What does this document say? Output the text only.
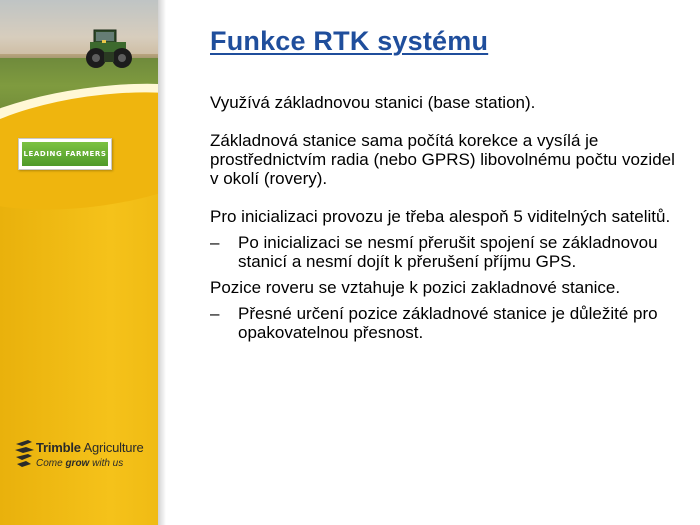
LEADING FARMERS
Trimble Agriculture
Come grow with us
Funkce RTK systému

Využívá základnovou stanici (base station).

Základnová stanice sama počítá korekce a vysílá je prostřednictvím radia (nebo GPRS) libovolnému počtu vozidel v okolí (rovery).

Pro inicializaci provozu je třeba alespoň 5 viditelných satelitů.

–	Po inicializaci se nesmí přerušit spojení se základnovou stanicí a nesmí dojít k přerušení příjmu GPS.

Pozice roveru se vztahuje k pozici zakladnové stanice.

–	Přesné určení pozice základnové stanice je důležité pro opakovatelnou přesnost.
